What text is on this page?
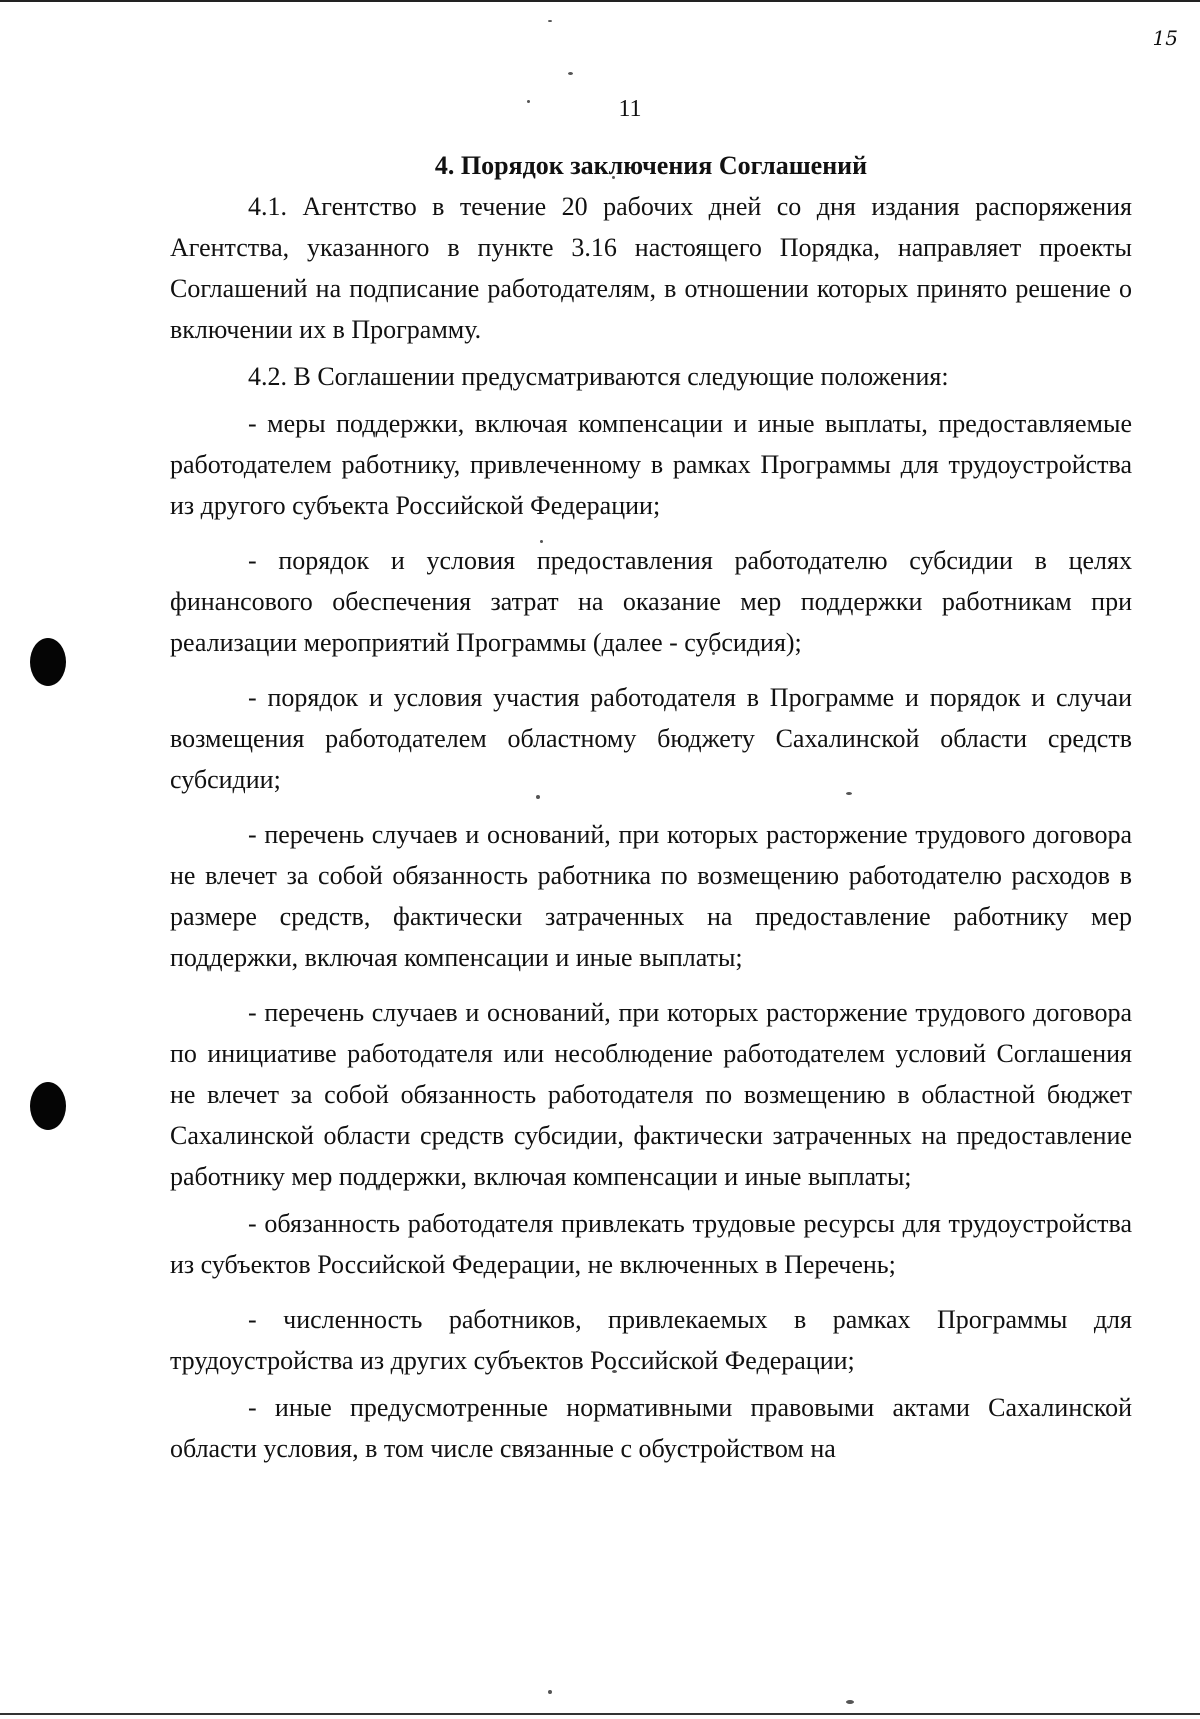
15
11
4. Порядок заключения Соглашений

4.1. Агентство в течение 20 рабочих дней со дня издания распоряжения Агентства, указанного в пункте 3.16 настоящего Порядка, направляет проекты Соглашений на подписание работодателям, в отношении которых принято решение о включении их в Программу.

4.2. В Соглашении предусматриваются следующие положения:

- меры поддержки, включая компенсации и иные выплаты, предоставляемые работодателем работнику, привлеченному в рамках Программы для трудоустройства из другого субъекта Российской Федерации;

- порядок и условия предоставления работодателю субсидии в целях финансового обеспечения затрат на оказание мер поддержки работникам при реализации мероприятий Программы (далее - субсидия);

- порядок и условия участия работодателя в Программе и порядок и случаи возмещения работодателем областному бюджету Сахалинской области средств субсидии;

- перечень случаев и оснований, при которых расторжение трудового договора не влечет за собой обязанность работника по возмещению работодателю расходов в размере средств, фактически затраченных на предоставление работнику мер поддержки, включая компенсации и иные выплаты;

- перечень случаев и оснований, при которых расторжение трудового договора по инициативе работодателя или несоблюдение работодателем условий Соглашения не влечет за собой обязанность работодателя по возмещению в областной бюджет Сахалинской области средств субсидии, фактически затраченных на предоставление работнику мер поддержки, включая компенсации и иные выплаты;

- обязанность работодателя привлекать трудовые ресурсы для трудоустройства из субъектов Российской Федерации, не включенных в Перечень;

- численность работников, привлекаемых в рамках Программы для трудоустройства из других субъектов Российской Федерации;

- иные предусмотренные нормативными правовыми актами Сахалинской области условия, в том числе связанные с обустройством на
